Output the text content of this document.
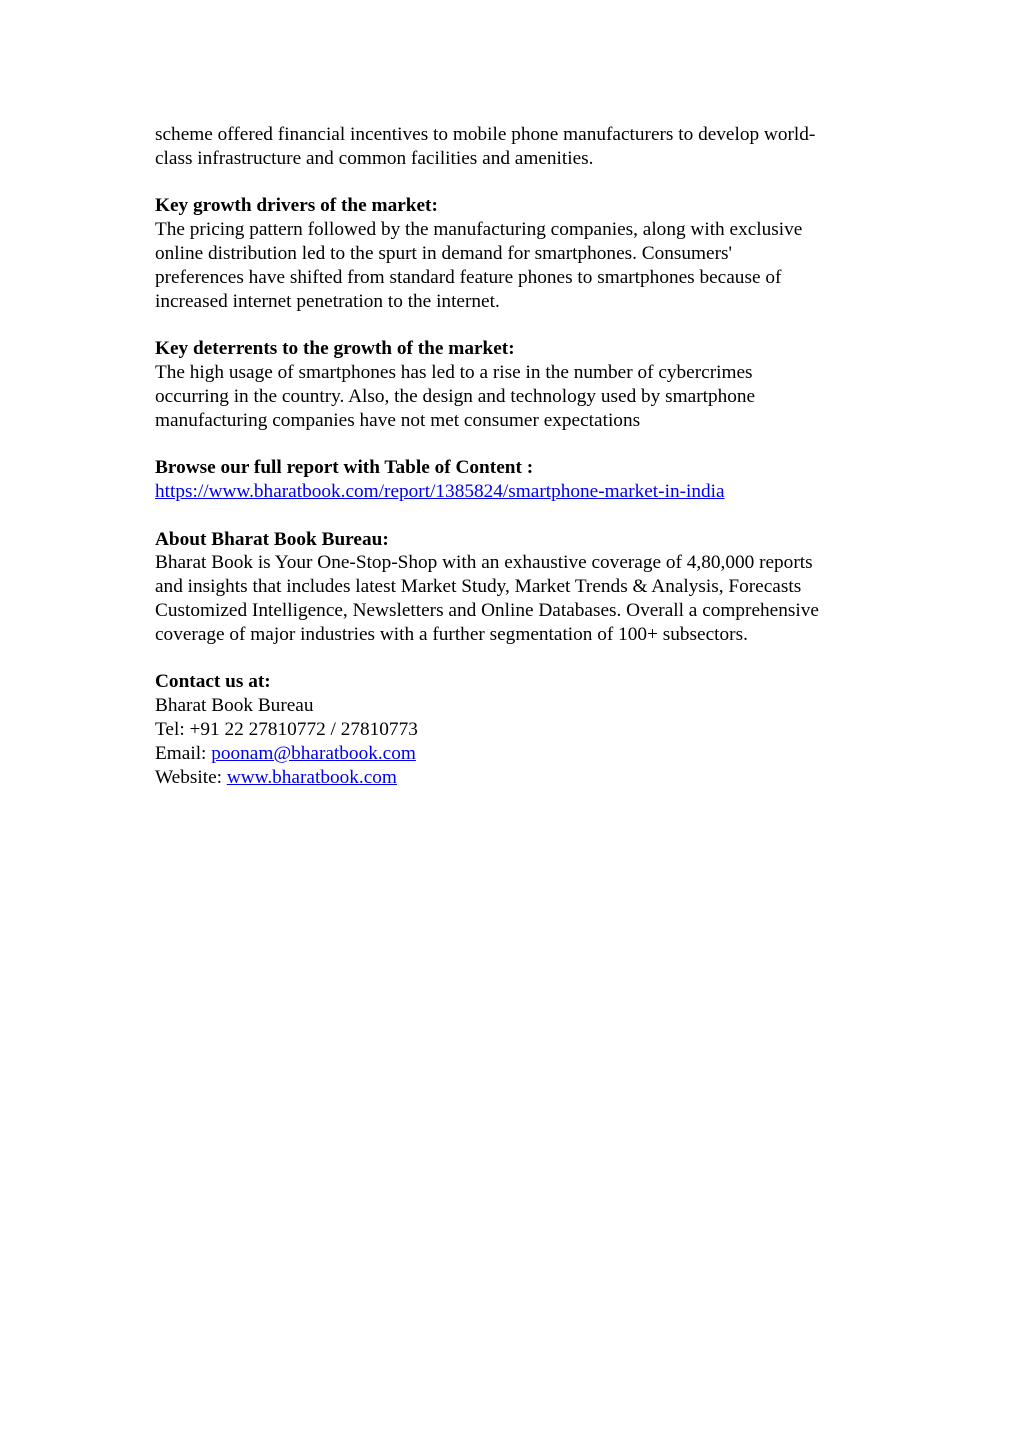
scheme offered financial incentives to mobile phone manufacturers to develop world-
class infrastructure and common facilities and amenities.

Key growth drivers of the market:
The pricing pattern followed by the manufacturing companies, along with exclusive
online distribution led to the spurt in demand for smartphones. Consumers'
preferences have shifted from standard feature phones to smartphones because of
increased internet penetration to the internet.

Key deterrents to the growth of the market:
The high usage of smartphones has led to a rise in the number of cybercrimes
occurring in the country. Also, the design and technology used by smartphone
manufacturing companies have not met consumer expectations

Browse our full report with Table of Content :
https://www.bharatbook.com/report/1385824/smartphone-market-in-india

About Bharat Book Bureau:
Bharat Book is Your One-Stop-Shop with an exhaustive coverage of 4,80,000 reports
and insights that includes latest Market Study, Market Trends & Analysis, Forecasts
Customized Intelligence, Newsletters and Online Databases. Overall a comprehensive
coverage of major industries with a further segmentation of 100+ subsectors.

Contact us at:
Bharat Book Bureau
Tel: +91 22 27810772 / 27810773
Email: poonam@bharatbook.com
Website: www.bharatbook.com
